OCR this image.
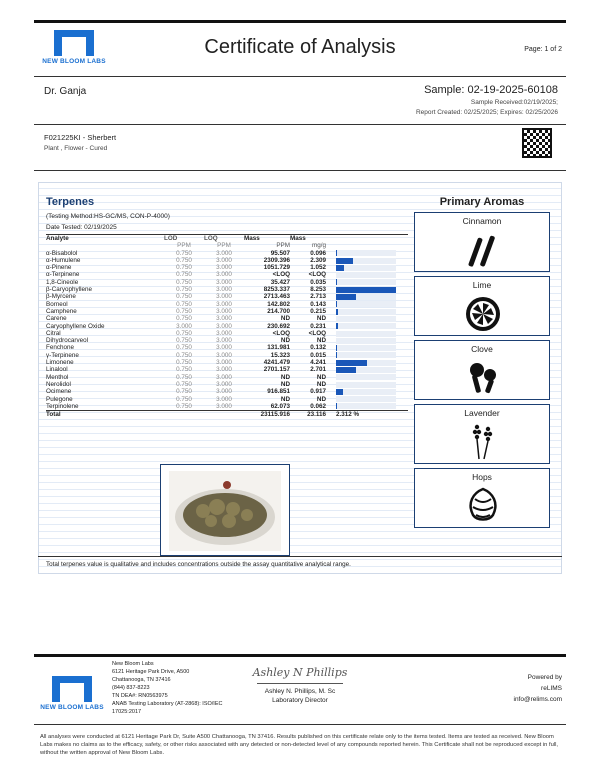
NEW BLOOM LABS
Certificate of Analysis	Page: 1 of 2
Dr. Ganja	Sample: 02-19-2025-60108
Sample Received:02/19/2025;
Report Created: 02/25/2025; Expires: 02/25/2026
F021225KI - Sherbert
Plant , Flower - Cured
Terpenes
(Testing Method:HS-GC/MS, CON-P-4000)
Date Tested: 02/19/2025
Analyte	LOD	LOQ	Mass	Mass	
	PPM	PPM	PPM	mg/g	
α-Bisabolol	0.750	3.000	95.507	0.096	

α-Humulene	0.750	3.000	2309.396	2.309	

α-Pinene	0.750	3.000	1051.729	1.052	

α-Terpinene	0.750	3.000	<LOQ	<LOQ	

1,8-Cineole	0.750	3.000	35.427	0.035	

β-Caryophyllene	0.750	3.000	8253.337	8.253	

β-Myrcene	0.750	3.000	2713.463	2.713	

Borneol	0.750	3.000	142.802	0.143	

Camphene	0.750	3.000	214.700	0.215	

Carene	0.750	3.000	ND	ND	

Caryophyllene Oxide	3.000	3.000	230.692	0.231	

Citral	0.750	3.000	<LOQ	<LOQ	

Dihydrocarveol	0.750	3.000	ND	ND	

Fenchone	0.750	3.000	131.981	0.132	

γ-Terpinene	0.750	3.000	15.323	0.015	

Limonene	0.750	3.000	4241.479	4.241	

Linalool	0.750	3.000	2701.157	2.701	

Menthol	0.750	3.000	ND	ND	

Nerolidol	0.750	3.000	ND	ND	

Ocimene	0.750	3.000	916.851	0.917	

Pulegone	0.750	3.000	ND	ND	

Terpinolene	0.750	3.000	62.073	0.062	

Total			23115.916	23.116	2.312 %
Primary Aromas
Cinnamon
Lime
Clove
Lavender
Hops
Total terpenes value is qualitative and includes concentrations outside the assay quantitative analytical range.
NEW BLOOM LABS
New Bloom Labs
6121 Heritage Park Drive, A500
Chattanooga, TN 37416
(844) 837-8223
TN DEA#: RN0563975
ANAB Testing Laboratory (AT-2868): ISO/IEC
17025:2017
Ashley N Phillips
Ashley N. Phillips, M. Sc
Laboratory Director
Powered by
reLIMS
info@relims.com
All analyses were conducted at 6121 Heritage Park Dr, Suite A500 Chattanooga, TN 37416. Results published on this certificate relate only to the items tested. Items are tested as received. New Bloom Labs makes no claims as to the efficacy, safety, or other risks associated with any detected or non-detected level of any compounds reported herein. This Certificate shall not be reproduced except in full, without the written approval of New Bloom Labs.
